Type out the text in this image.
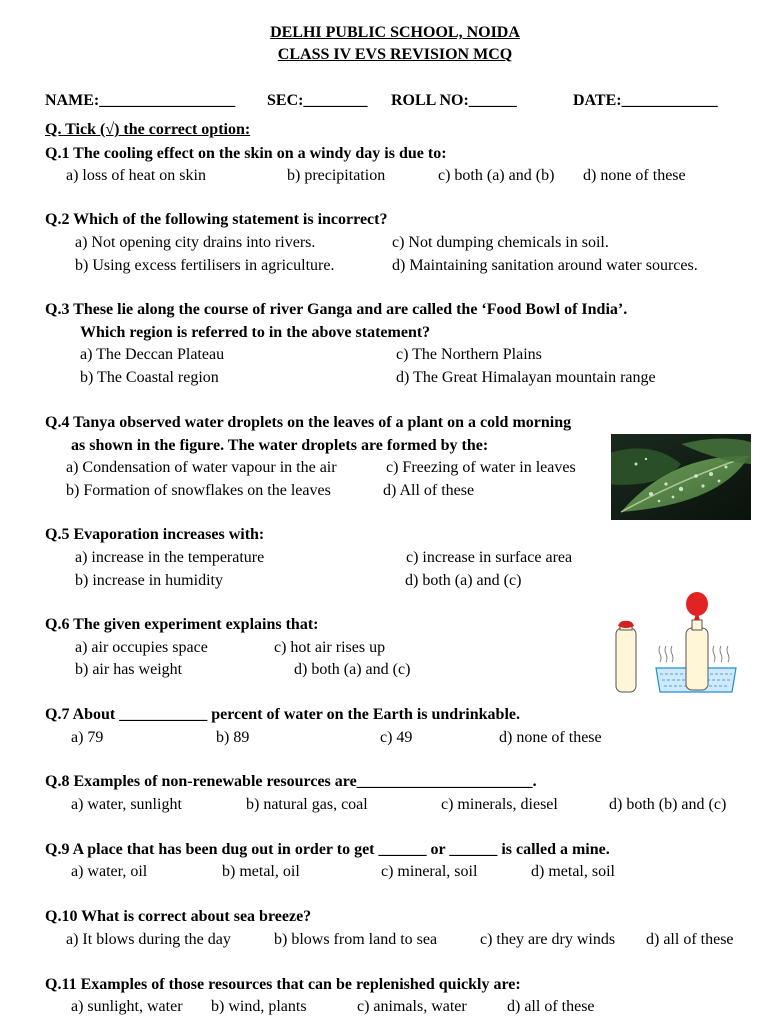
DELHI PUBLIC SCHOOL, NOIDA
CLASS IV EVS REVISION MCQ
NAME:_________________ SEC:________ ROLL NO:______	DATE:____________
Q. Tick (√) the correct option:
Q.1 The cooling effect on the skin on a windy day is due to:
a) loss of heat on skin	b) precipitation	c) both (a) and (b) d) none of these
Q.2 Which of the following statement is incorrect?
a) Not opening city drains into rivers.
b) Using excess fertilisers in agriculture.
c) Not dumping chemicals in soil.
d) Maintaining sanitation around water sources.
Q.3 These lie along the course of river Ganga and are called the ‘Food Bowl of India’.
Which region is referred to in the above statement?
a) The Deccan Plateau
b) The Coastal region
c) The Northern Plains
d) The Great Himalayan mountain range
Q.4 Tanya observed water droplets on the leaves of a plant on a cold morning
as shown in the figure. The water droplets are formed by the:
a) Condensation of water vapour in the air
b) Formation of snowflakes on the leaves
c) Freezing of water in leaves
d) All of these
Q.5 Evaporation increases with:
a) increase in the temperature
b) increase in humidity
c) increase in surface area
d) both (a) and (c)
Q.6 The given experiment explains that:
a) air occupies space
b) air has weight
c) hot air rises up
d) both (a) and (c)
Q.7 About ___________ percent of water on the Earth is undrinkable.
a) 79	b) 89	c) 49	d) none of these
Q.8 Examples of non-renewable resources are______________________.
a) water, sunlight	b) natural gas, coal	c) minerals, diesel	d) both (b) and (c)
Q.9 A place that has been dug out in order to get ______ or ______ is called a mine.
a) water, oil	b) metal, oil	c) mineral, soil	d) metal, soil
Q.10 What is correct about sea breeze?
a) It blows during the day	b) blows from land to sea	c) they are dry winds d) all of these
Q.11 Examples of those resources that can be replenished quickly are:
a) sunlight, water b) wind, plants	c) animals, water	d) all of these
